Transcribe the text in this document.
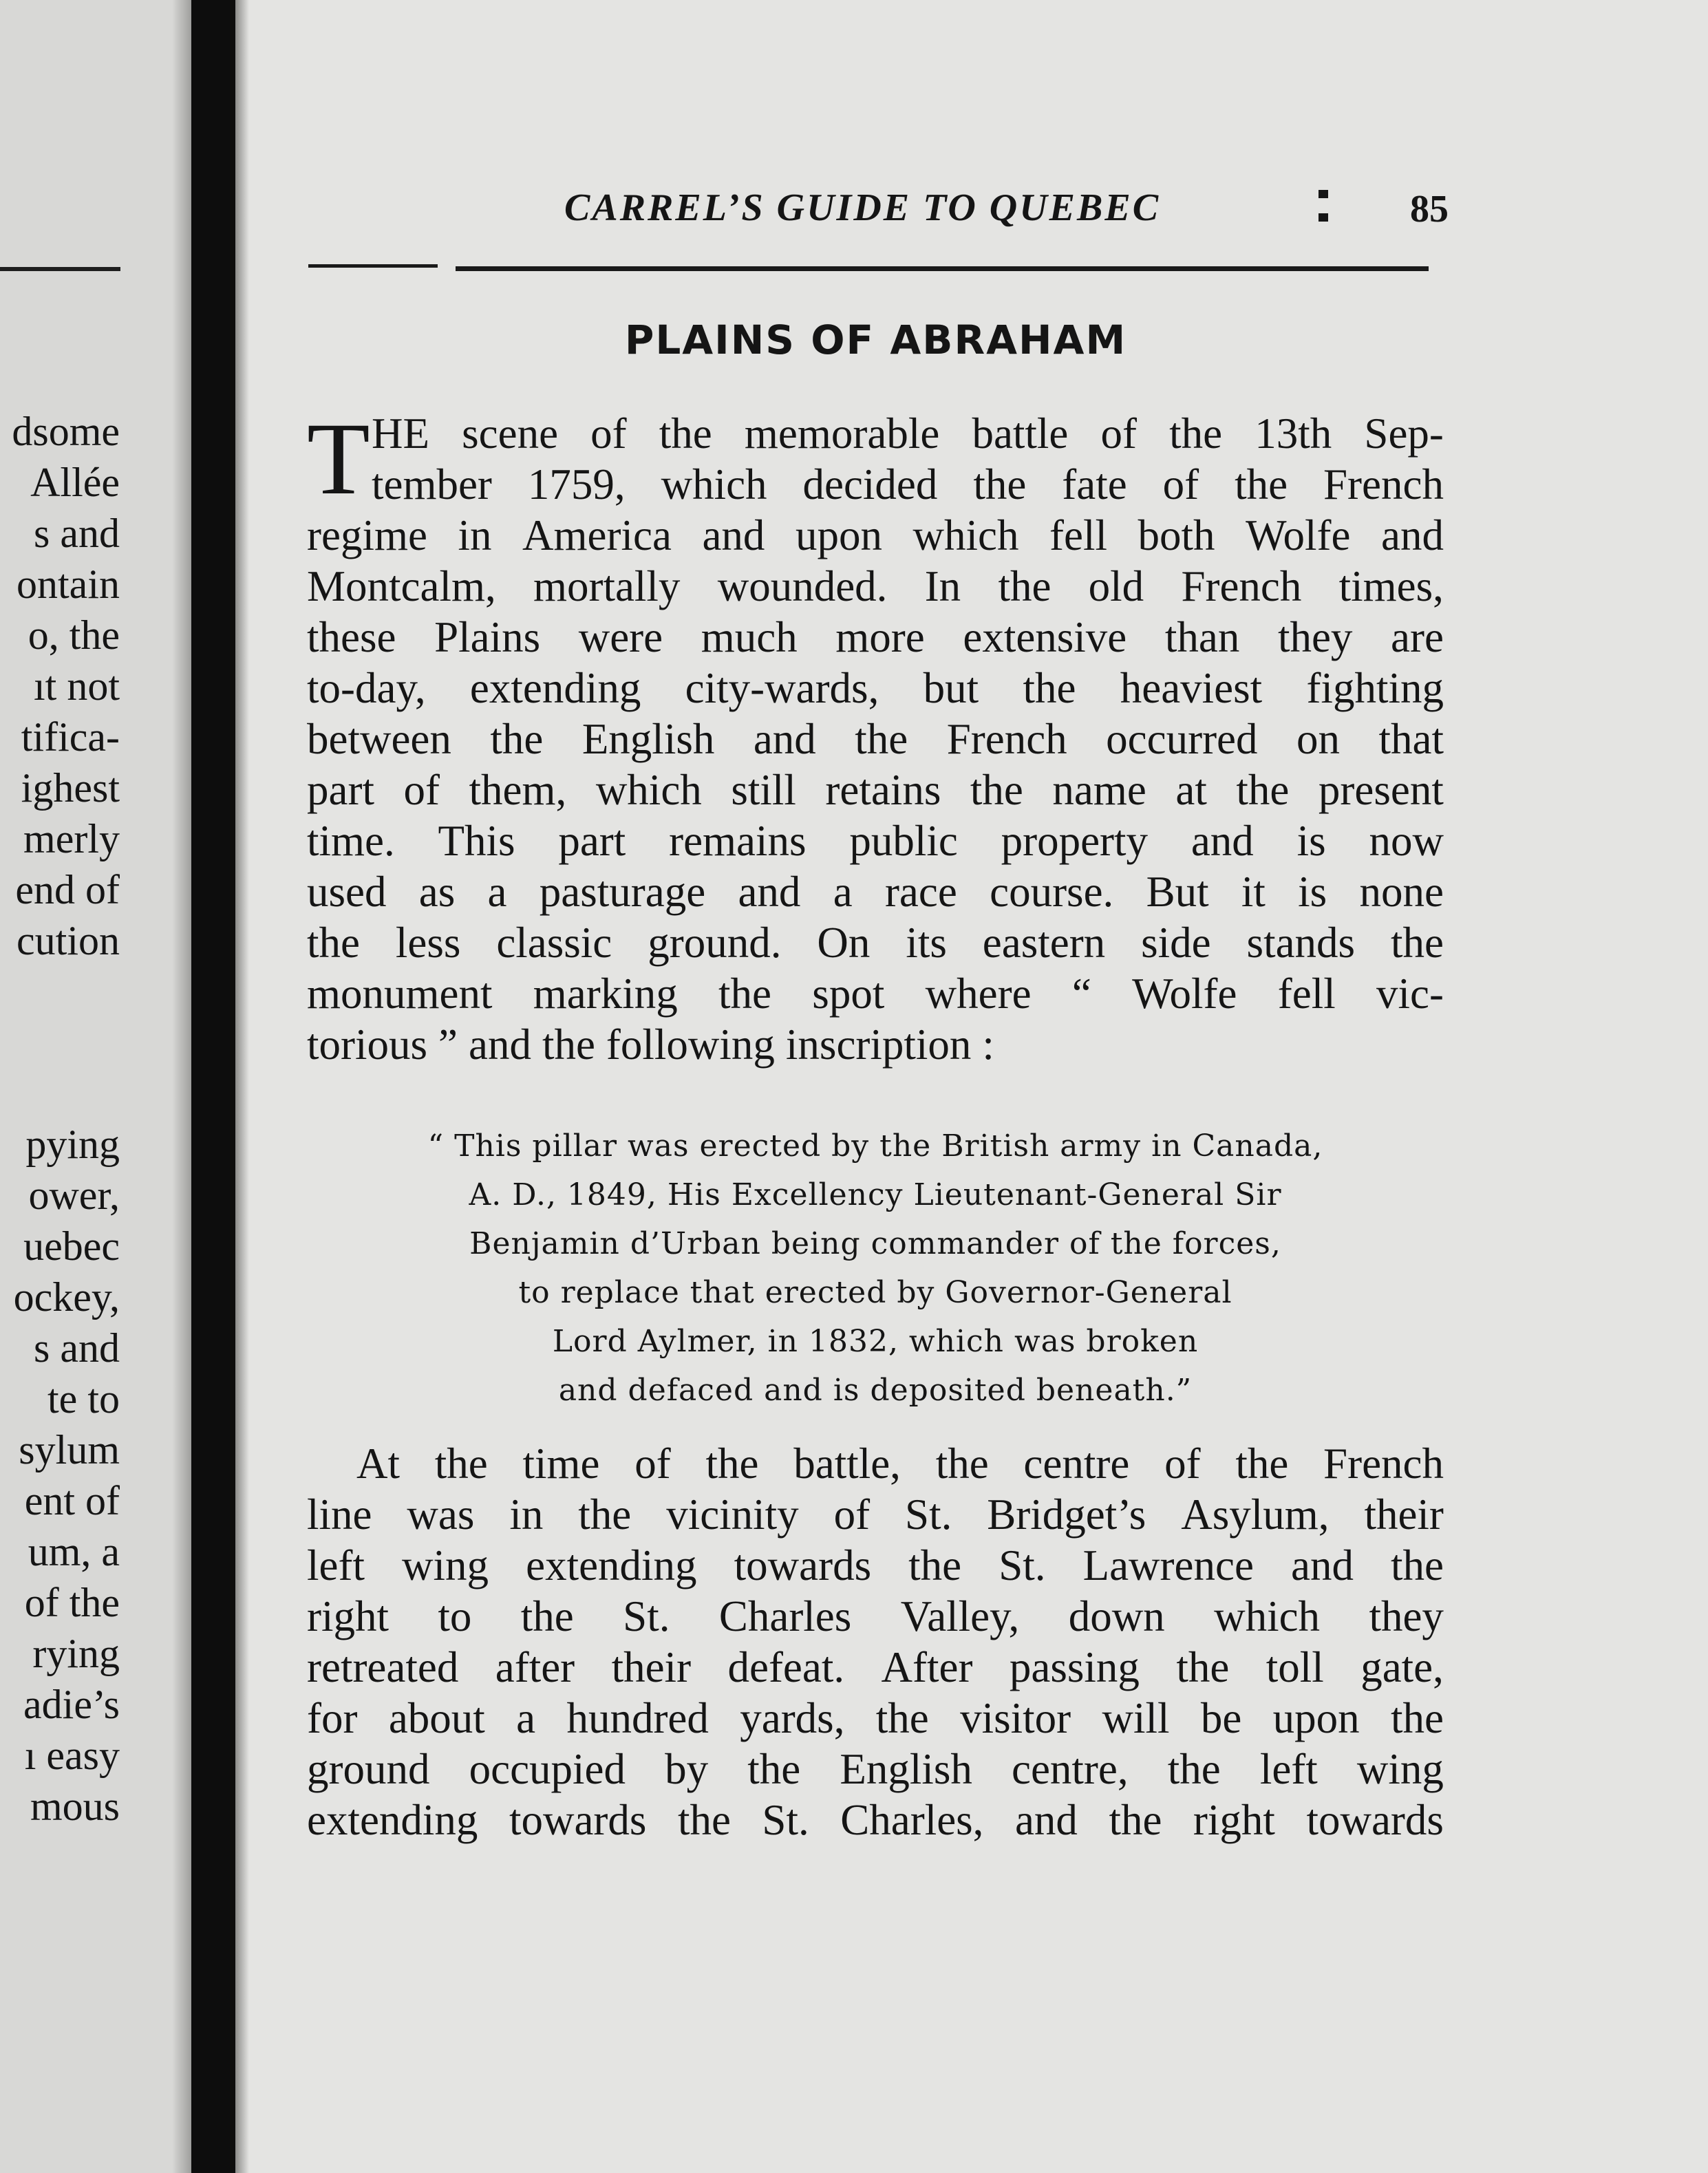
dsome
Allée
s and
ontain
o, the
ıt not
tifica-
ighest
merly
end of
cution
pying
ower,
uebec
ockey,
s and
te to
sylum
ent of
um, a
of the
rying
adie’s
ı easy
mous
CARREL’S GUIDE TO QUEBEC	85
PLAINS OF ABRAHAM
T HE scene of the memorable battle of the 13th Sep-
tember 1759, which decided the fate of the French
regime in America and upon which fell both Wolfe and
Montcalm, mortally wounded. In the old French times,
these Plains were much more extensive than they are
to-day, extending city-wards, but the heaviest fighting
between the English and the French occurred on that
part of them, which still retains the name at the present
time. This part remains public property and is now
used as a pasturage and a race course. But it is none
the less classic ground. On its eastern side stands the
monument marking the spot where “ Wolfe fell vic-
torious ” and the following inscription :
“ This pillar was erected by the British army in Canada,
A. D., 1849, His Excellency Lieutenant-General Sir
Benjamin d’Urban being commander of the forces,
to replace that erected by Governor-General
Lord Aylmer, in 1832, which was broken
and defaced and is deposited beneath.”
At the time of the battle, the centre of the French
line was in the vicinity of St. Bridget’s Asylum, their
left wing extending towards the St. Lawrence and the
right to the St. Charles Valley, down which they
retreated after their defeat. After passing the toll gate,
for about a hundred yards, the visitor will be upon the
ground occupied by the English centre, the left wing
extending towards the St. Charles, and the right towards
